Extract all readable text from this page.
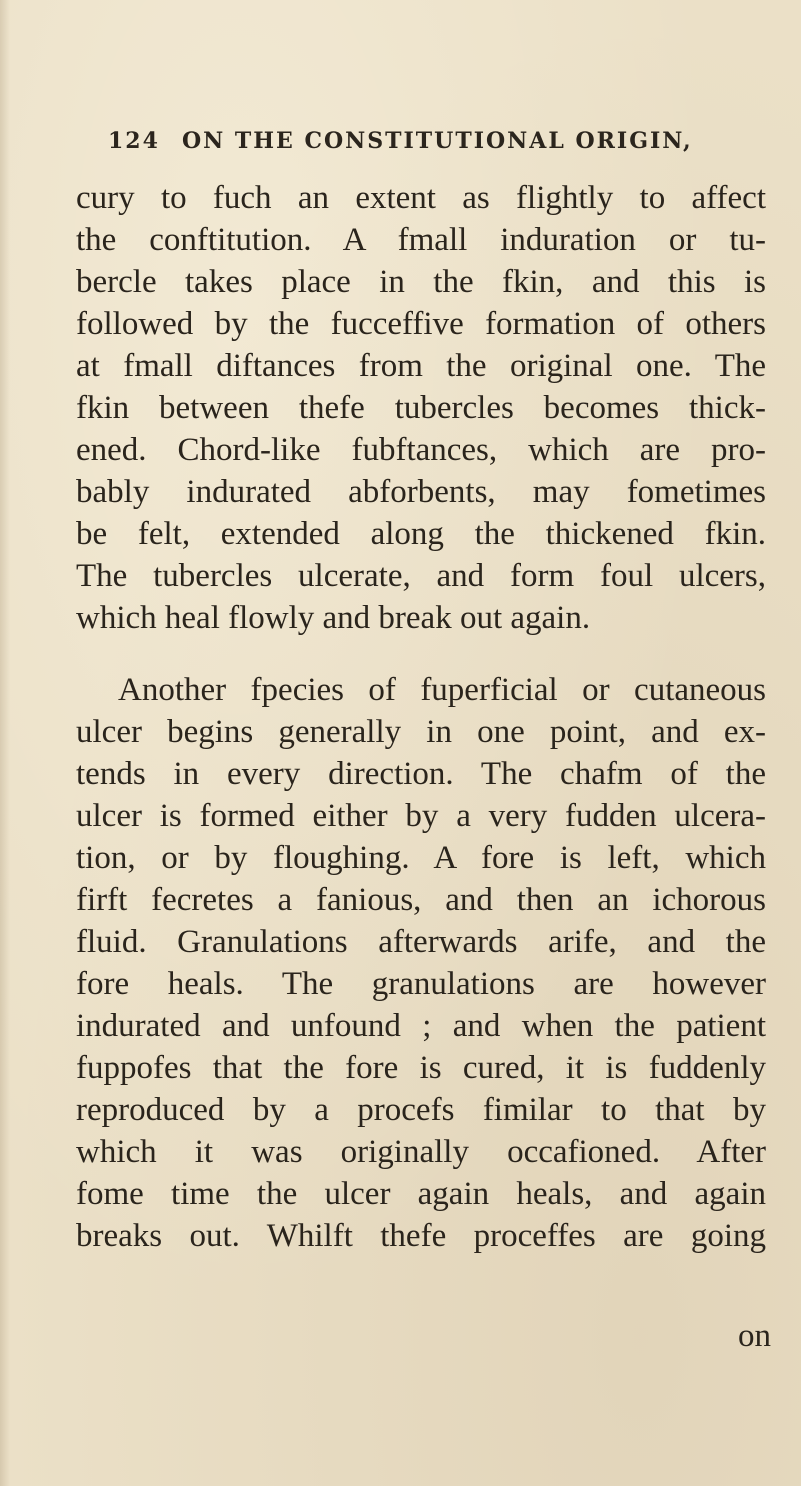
124 ON THE CONSTITUTIONAL ORIGIN,
cury to fuch an extent as flightly to affect
the conftitution. A fmall induration or tu-
bercle takes place in the fkin, and this is
followed by the fucceffive formation of others
at fmall diftances from the original one. The
fkin between thefe tubercles becomes thick-
ened. Chord-like fubftances, which are pro-
bably indurated abforbents, may fometimes
be felt, extended along the thickened fkin.
The tubercles ulcerate, and form foul ulcers,
which heal flowly and break out again.
Another fpecies of fuperficial or cutaneous
ulcer begins generally in one point, and ex-
tends in every direction. The chafm of the
ulcer is formed either by a very fudden ulcera-
tion, or by floughing. A fore is left, which
firft fecretes a fanious, and then an ichorous
fluid. Granulations afterwards arife, and the
fore heals. The granulations are however
indurated and unfound ; and when the patient
fuppofes that the fore is cured, it is fuddenly
reproduced by a procefs fimilar to that by
which it was originally occafioned. After
fome time the ulcer again heals, and again
breaks out. Whilft thefe proceffes are going
on
